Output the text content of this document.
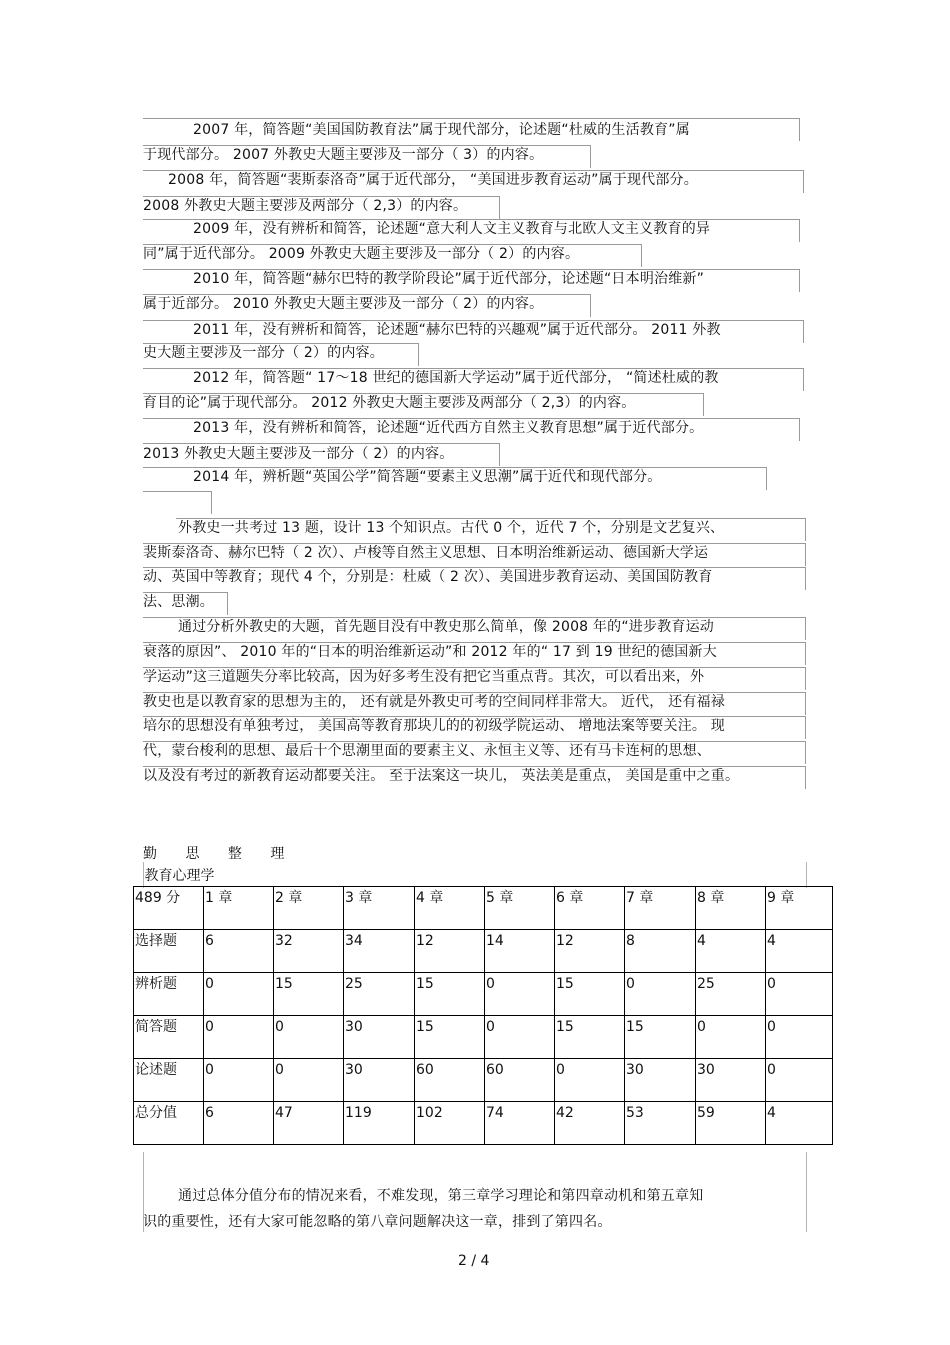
2007 年，简答题“美国国防教育法”属于现代部分，论述题“杜威的生活教育”属
于现代部分。 2007 外教史大题主要涉及一部分（ 3）的内容。
2008 年，简答题“裴斯泰洛奇”属于近代部分， “美国进步教育运动”属于现代部分。
2008 外教史大题主要涉及两部分（ 2,3）的内容。
2009 年，没有辨析和简答，论述题“意大利人文主义教育与北欧人文主义教育的异
同”属于近代部分。 2009 外教史大题主要涉及一部分（ 2）的内容。
2010 年，简答题“赫尔巴特的教学阶段论”属于近代部分，论述题“日本明治维新”
属于近部分。 2010 外教史大题主要涉及一部分（ 2）的内容。
2011 年，没有辨析和简答，论述题“赫尔巴特的兴趣观”属于近代部分。 2011 外教
史大题主要涉及一部分（ 2）的内容。
2012 年，简答题“ 17～18 世纪的德国新大学运动”属于近代部分， “简述杜威的教
育目的论”属于现代部分。 2012 外教史大题主要涉及两部分（ 2,3）的内容。
2013 年，没有辨析和简答，论述题“近代西方自然主义教育思想”属于近代部分。
2013 外教史大题主要涉及一部分（ 2）的内容。
2014 年，辨析题“英国公学”简答题“要素主义思潮”属于近代和现代部分。
外教史一共考过 13 题，设计 13 个知识点。古代 0 个，近代 7 个，分别是文艺复兴、
裴斯泰洛奇、赫尔巴特（ 2 次）、卢梭等自然主义思想、日本明治维新运动、德国新大学运
动、英国中等教育；现代 4 个，分别是：杜威（ 2 次）、美国进步教育运动、美国国防教育
法、思潮。
通过分析外教史的大题，首先题目没有中教史那么简单，像 2008 年的“进步教育运动
衰落的原因”、 2010 年的“日本的明治维新运动”和 2012 年的“ 17 到 19 世纪的德国新大
学运动”这三道题失分率比较高，因为好多考生没有把它当重点背。其次，可以看出来，外
教史也是以教育家的思想为主的， 还有就是外教史可考的空间同样非常大。 近代， 还有福禄
培尔的思想没有单独考过， 美国高等教育那块儿的的初级学院运动、 增地法案等要关注。 现
代，蒙台梭利的思想、最后十个思潮里面的要素主义、永恒主义等、还有马卡连柯的思想、
以及没有考过的新教育运动都要关注。 至于法案这一块儿， 英法美是重点， 美国是重中之重。
勤 思 整 理
教育心理学									

489 分	1 章	2 章	3 章	4 章	5 章	6 章	7 章	8 章	9 章

选择题	6	32	34	12	14	12	8	4	4

辨析题	0	15	25	15	0	15	0	25	0

简答题	0	0	30	15	0	15	15	0	0

论述题	0	0	30	60	60	0	30	30	0

总分值	6	47	119	102	74	42	53	59	4
通过总体分值分布的情况来看，不难发现，第三章学习理论和第四章动机和第五章知
识的重要性，还有大家可能忽略的第八章问题解决这一章，排到了第四名。
2 / 4
